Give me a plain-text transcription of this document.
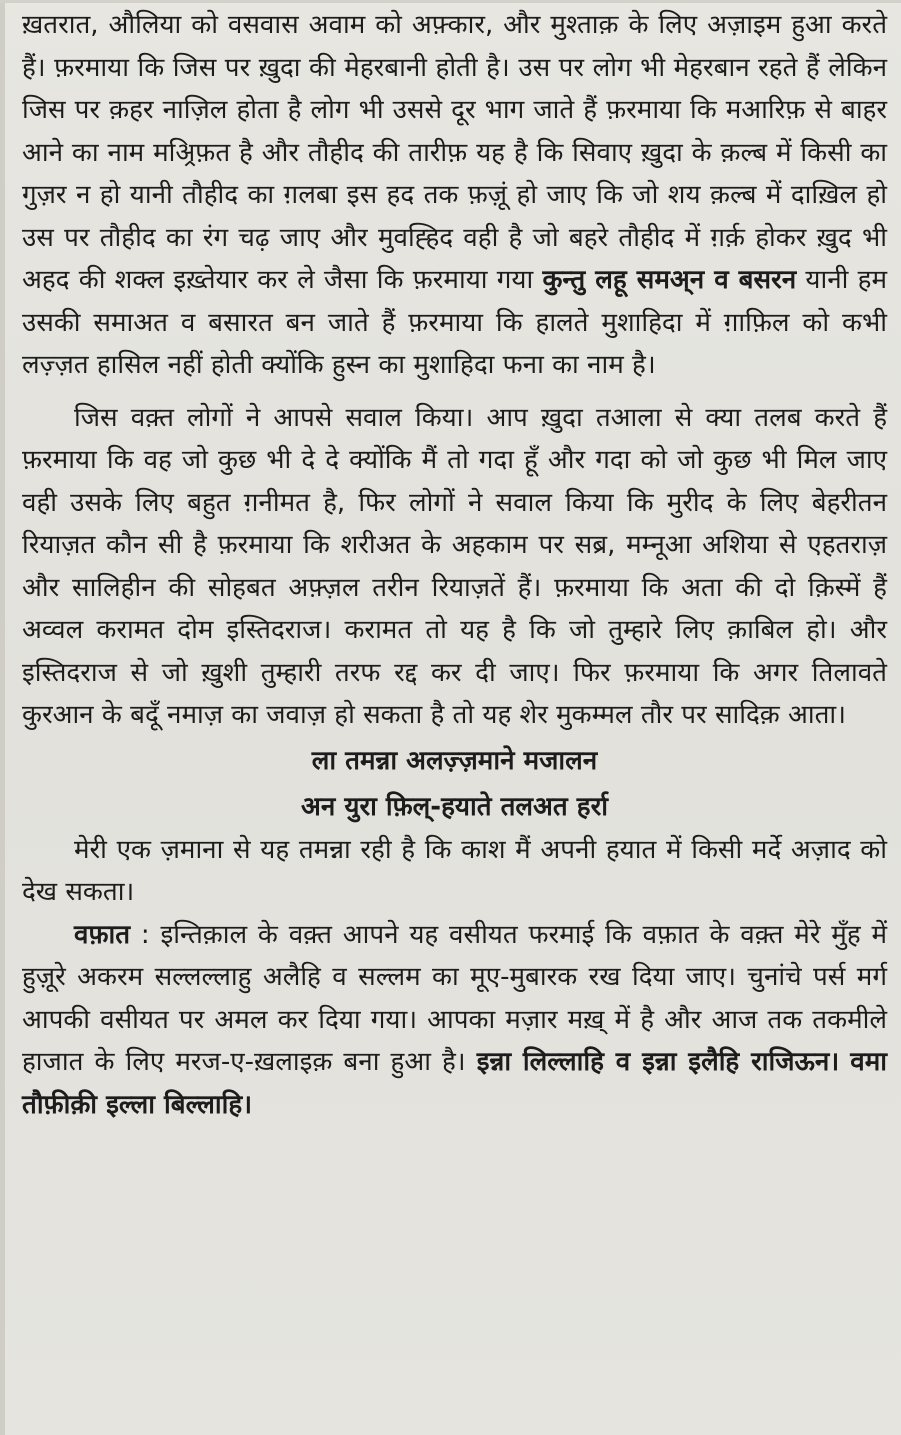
ख़तरात, औलिया को वसवास अवाम को अफ़्कार, और मुश्ताक़ के लिए अज़ाइम हुआ करते हैं। फ़रमाया कि जिस पर ख़ुदा की मेहरबानी होती है। उस पर लोग भी मेहरबान रहते हैं लेकिन जिस पर क़हर नाज़िल होता है लोग भी उससे दूर भाग जाते हैं फ़रमाया कि मआरिफ़ से बाहर आने का नाम मअ्रिफ़त है और तौहीद की तारीफ़ यह है कि सिवाए ख़ुदा के क़ल्ब में किसी का गुज़र न हो यानी तौहीद का ग़लबा इस हद तक फ़ज़ूं हो जाए कि जो शय क़ल्ब में दाख़िल हो उस पर तौहीद का रंग चढ़ जाए और मुवह्हिद वही है जो बहरे तौहीद में ग़र्क़ होकर ख़ुद भी अहद की शक्ल इख़्तेयार कर ले जैसा कि फ़रमाया गया कुन्तु लहू समअ्न व बसरन यानी हम उसकी समाअत व बसारत बन जाते हैं फ़रमाया कि हालते मुशाहिदा में ग़ाफ़िल को कभी लज़्ज़त हासिल नहीं होती क्योंकि हुस्न का मुशाहिदा फना का नाम है।
जिस वक़्त लोगों ने आपसे सवाल किया। आप ख़ुदा तआला से क्या तलब करते हैं फ़रमाया कि वह जो कुछ भी दे दे क्योंकि मैं तो गदा हूँ और गदा को जो कुछ भी मिल जाए वही उसके लिए बहुत ग़नीमत है, फिर लोगों ने सवाल किया कि मुरीद के लिए बेहरीतन रियाज़त कौन सी है फ़रमाया कि शरीअत के अहकाम पर सब्र, मम्नूआ अशिया से एहतराज़ और सालिहीन की सोहबत अफ़्ज़ल तरीन रियाज़तें हैं। फ़रमाया कि अता की दो क़िस्में हैं अव्वल करामत दोम इस्तिदराज। करामत तो यह है कि जो तुम्हारे लिए क़ाबिल हो। और इस्तिदराज से जो ख़ुशी तुम्हारी तरफ रद्द कर दी जाए। फिर फ़रमाया कि अगर तिलावते कुरआन के बदूँ नमाज़ का जवाज़ हो सकता है तो यह शेर मुकम्मल तौर पर सादिक़ आता।
ला तमन्ना अलज़्ज़माने मजालन
अन युरा फ़िल्-हयाते तलअत हर्रा
मेरी एक ज़माना से यह तमन्ना रही है कि काश मैं अपनी हयात में किसी मर्दे अज़ाद को देख सकता।
वफ़ात : इन्तिक़ाल के वक़्त आपने यह वसीयत फरमाई कि वफ़ात के वक़्त मेरे मुँह में हुज़ूरे अकरम सल्लल्लाहु अलैहि व सल्लम का मूए-मुबारक रख दिया जाए। चुनांचे पर्स मर्ग आपकी वसीयत पर अमल कर दिया गया। आपका मज़ार मख़् में है और आज तक तकमीले हाजात के लिए मरज-ए-ख़लाइक़ बना हुआ है। इन्ना लिल्लाहि व इन्ना इलैहि राजिऊन। वमा तौफ़ीक़ी इल्ला बिल्लाहि।
